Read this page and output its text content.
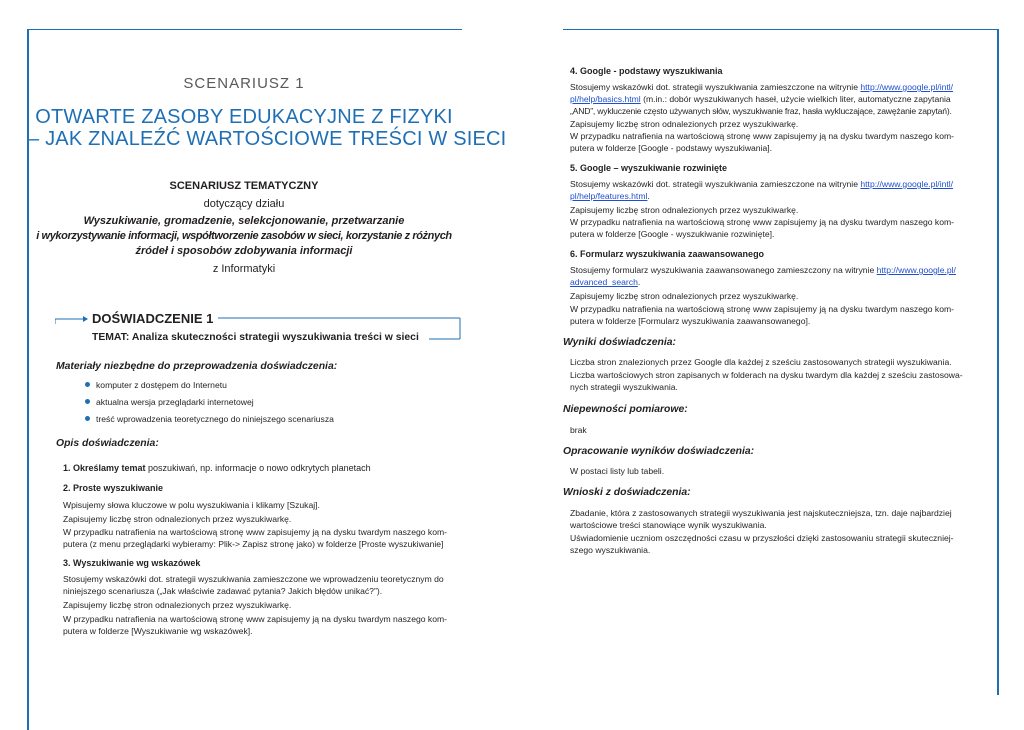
SCENARIUSZ 1
OTWARTE ZASOBY EDUKACYJNE Z FIZYKI
– JAK ZNALEŹĆ WARTOŚCIOWE TREŚCI W SIECI
SCENARIUSZ TEMATYCZNY
dotyczący działu
Wyszukiwanie, gromadzenie, selekcjonowanie, przetwarzanie
i wykorzystywanie informacji, współtworzenie zasobów w sieci, korzystanie z różnych
źródeł i sposobów zdobywania informacji
z Informatyki
DOŚWIADCZENIE 1
TEMAT: Analiza skuteczności strategii wyszukiwania treści w sieci
Materiały niezbędne do przeprowadzenia doświadczenia:
komputer z dostępem do Internetu
aktualna wersja przeglądarki internetowej
treść wprowadzenia teoretycznego do niniejszego scenariusza
Opis doświadczenia:
1. Określamy temat poszukiwań, np. informacje o nowo odkrytych planetach
2. Proste wyszukiwanie
Wpisujemy słowa kluczowe w polu wyszukiwania i klikamy [Szukaj].
Zapisujemy liczbę stron odnalezionych przez wyszukiwarkę.
W przypadku natrafienia na wartościową stronę www zapisujemy ją na dysku twardym naszego kom-
putera (z menu przeglądarki wybieramy: Plik-> Zapisz stronę jako) w folderze [Proste wyszukiwanie]
3. Wyszukiwanie wg wskazówek
Stosujemy wskazówki dot. strategii wyszukiwania zamieszczone we wprowadzeniu teoretycznym do
niniejszego scenariusza („Jak właściwie zadawać pytania? Jakich błędów unikać?”).
Zapisujemy liczbę stron odnalezionych przez wyszukiwarkę.
W przypadku natrafienia na wartościową stronę www zapisujemy ją na dysku twardym naszego kom-
putera w folderze [Wyszukiwanie wg wskazówek].
4. Google - podstawy wyszukiwania
Stosujemy wskazówki dot. strategii wyszukiwania zamieszczone na witrynie http://www.google.pl/intl/
pl/help/basics.html (m.in.: dobór wyszukiwanych haseł, użycie wielkich liter, automatyczne zapytania
„AND”, wykluczenie często używanych słów, wyszukiwanie fraz, hasła wykluczające, zawężanie zapytań).
Zapisujemy liczbę stron odnalezionych przez wyszukiwarkę.
W przypadku natrafienia na wartościową stronę www zapisujemy ją na dysku twardym naszego kom-
putera w folderze [Google - podstawy wyszukiwania].
5. Google – wyszukiwanie rozwinięte
Stosujemy wskazówki dot. strategii wyszukiwania zamieszczone na witrynie http://www.google.pl/intl/
pl/help/features.html.
Zapisujemy liczbę stron odnalezionych przez wyszukiwarkę.
W przypadku natrafienia na wartościową stronę www zapisujemy ją na dysku twardym naszego kom-
putera w folderze [Google - wyszukiwanie rozwinięte].
6. Formularz wyszukiwania zaawansowanego
Stosujemy formularz wyszukiwania zaawansowanego zamieszczony na witrynie http://www.google.pl/
advanced_search.
Zapisujemy liczbę stron odnalezionych przez wyszukiwarkę.
W przypadku natrafienia na wartościową stronę www zapisujemy ją na dysku twardym naszego kom-
putera w folderze [Formularz wyszukiwania zaawansowanego].
Wyniki doświadczenia:
Liczba stron znalezionych przez Google dla każdej z sześciu zastosowanych strategii wyszukiwania.
Liczba wartościowych stron zapisanych w folderach na dysku twardym dla każdej z sześciu zastosowa-
nych strategii wyszukiwania.
Niepewności pomiarowe:
brak
Opracowanie wyników doświadczenia:
W postaci listy lub tabeli.
Wnioski z doświadczenia:
Zbadanie, która z zastosowanych strategii wyszukiwania jest najskuteczniejsza, tzn. daje najbardziej
wartościowe treści stanowiące wynik wyszukiwania.
Uświadomienie uczniom oszczędności czasu w przyszłości dzięki zastosowaniu strategii skuteczniej-
szego wyszukiwania.
